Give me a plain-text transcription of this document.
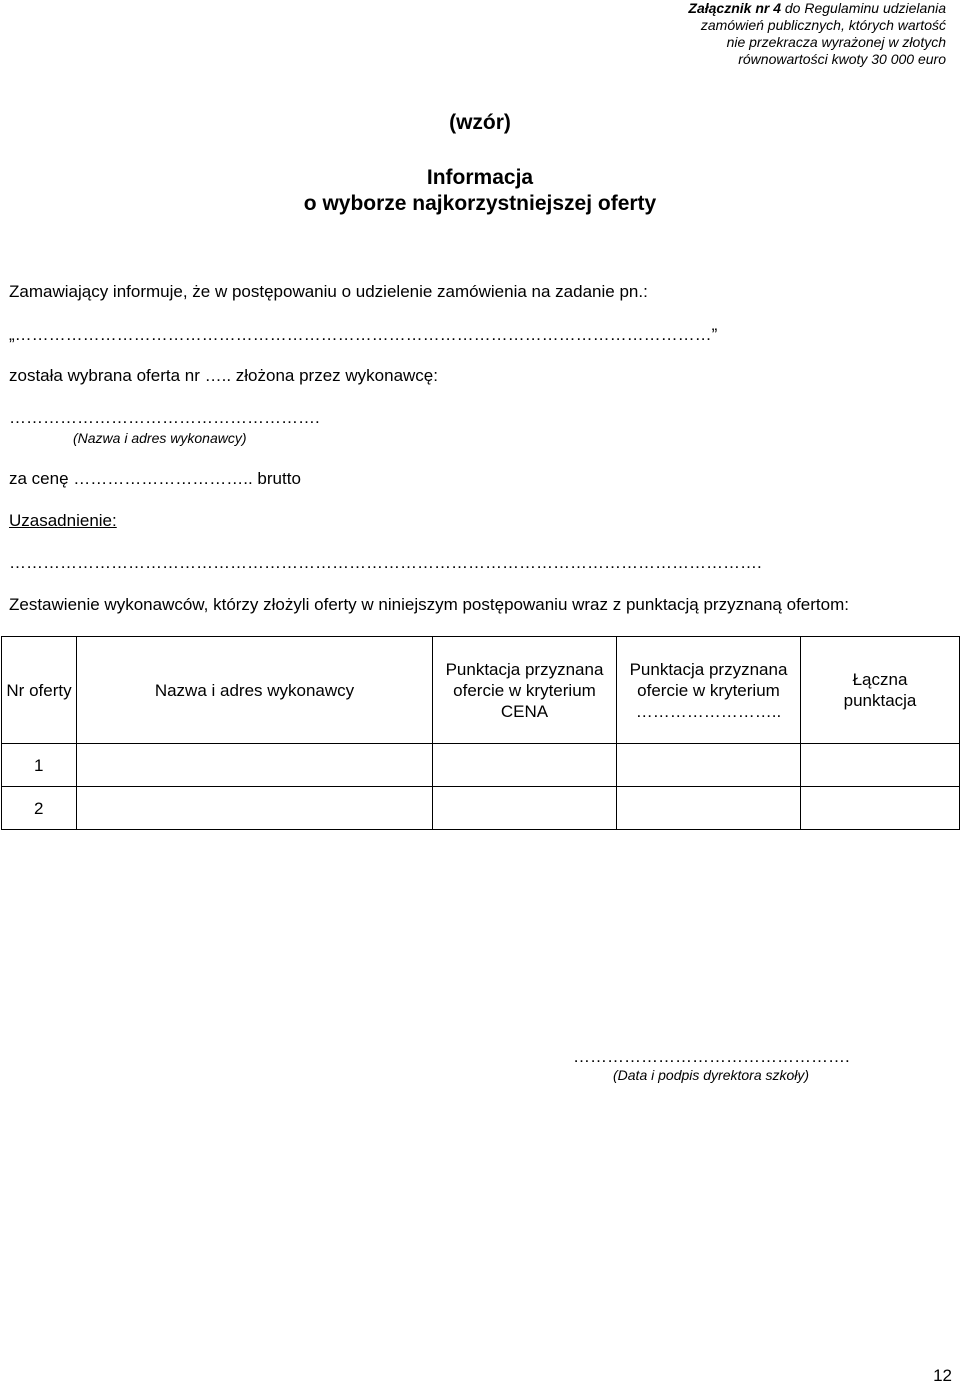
Załącznik nr 4 do Regulaminu udzielania
zamówień publicznych, których wartość
nie przekracza wyrażonej w złotych
równowartości kwoty 30 000 euro
(wzór)
Informacja
o wyborze najkorzystniejszej oferty
Zamawiający informuje, że w postępowaniu o udzielenie zamówienia na zadanie pn.:
„……………………………………………………………………………………………………………”
została wybrana oferta nr ….. złożona przez wykonawcę:
……………………………………………….
(Nazwa i adres wykonawcy)
za cenę ………………………….. brutto
Uzasadnienie:
…………………………………………………………………………………………………………………….
Zestawienie wykonawców, którzy złożyli oferty w niniejszym postępowaniu wraz z punktacją przyznaną ofertom:
Nr oferty	Nazwa i adres wykonawcy	Punktacja przyznana ofercie w kryterium CENA	Punktacja przyznana ofercie w kryterium ……………………..	Łączna punktacja
1				
2				
………………………………………….
(Data i podpis dyrektora szkoły)
12
